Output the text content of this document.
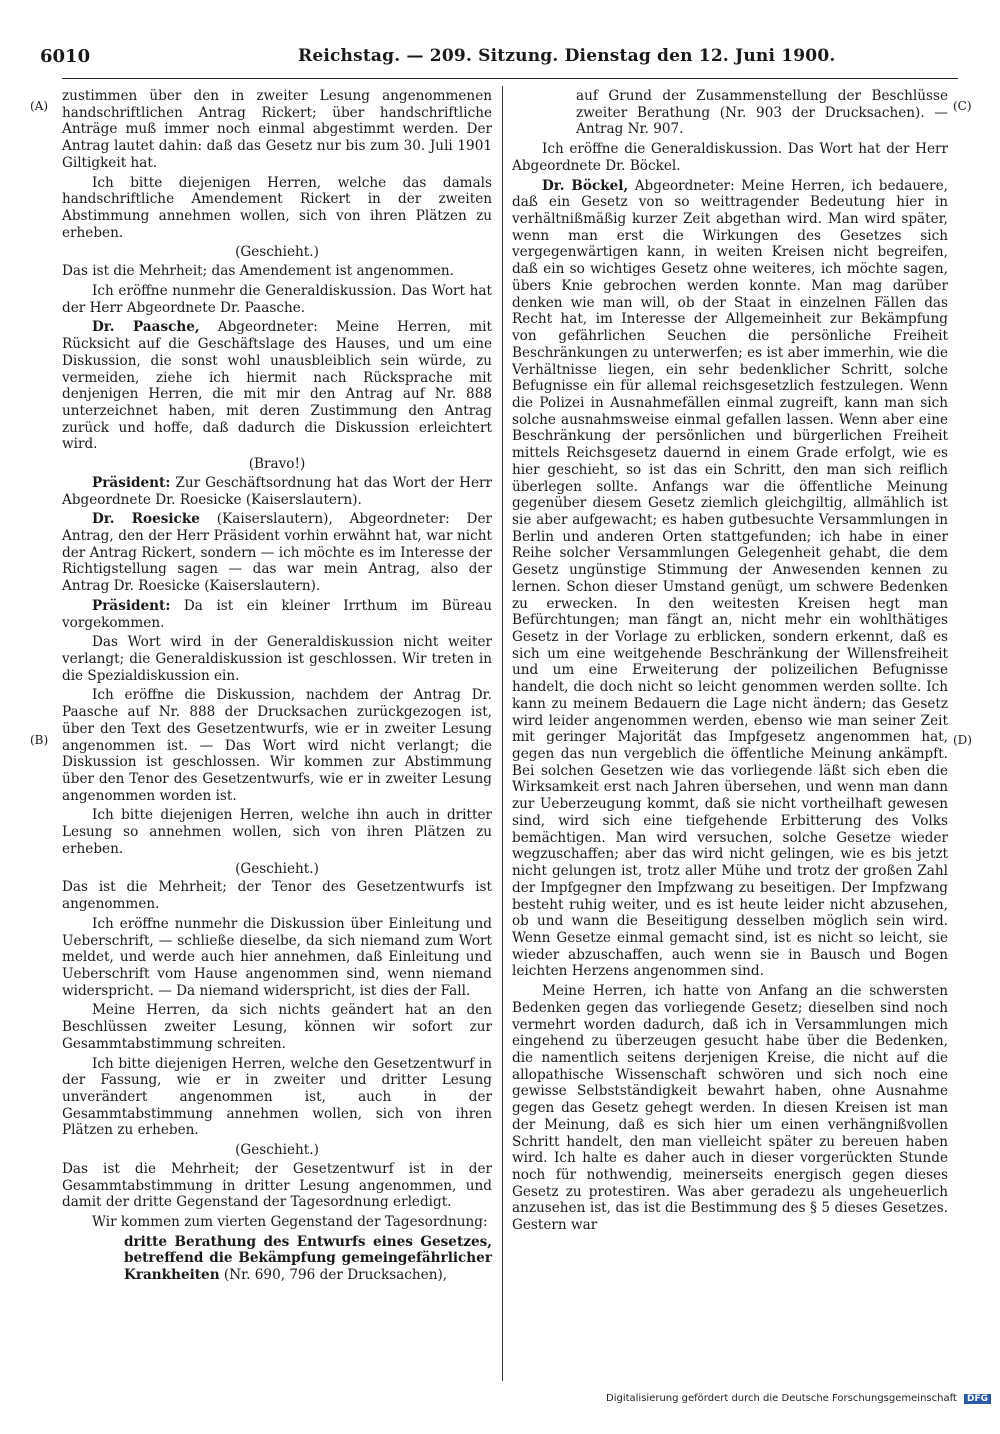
6010	Reichstag. — 209. Sitzung. Dienstag den 12. Juni 1900.
(A)
(B)
(C)
(D)

zustimmen über den in zweiter Lesung angenommenen handschriftlichen Antrag Rickert; über handschriftliche Anträge muß immer noch einmal abgestimmt werden. Der Antrag lautet dahin: daß das Gesetz nur bis zum 30. Juli 1901 Giltigkeit hat.

Ich bitte diejenigen Herren, welche das damals handschriftliche Amendement Rickert in der zweiten Abstimmung annehmen wollen, sich von ihren Plätzen zu erheben.

(Geschieht.)

Das ist die Mehrheit; das Amendement ist angenommen.

Ich eröffne nunmehr die Generaldiskussion. Das Wort hat der Herr Abgeordnete Dr. Paasche.

Dr. Paasche, Abgeordneter: Meine Herren, mit Rücksicht auf die Geschäftslage des Hauses, und um eine Diskussion, die sonst wohl unausbleiblich sein würde, zu vermeiden, ziehe ich hiermit nach Rücksprache mit denjenigen Herren, die mit mir den Antrag auf Nr. 888 unterzeichnet haben, mit deren Zustimmung den Antrag zurück und hoffe, daß dadurch die Diskussion erleichtert wird.

(Bravo!)

Präsident: Zur Geschäftsordnung hat das Wort der Herr Abgeordnete Dr. Roesicke (Kaiserslautern).

Dr. Roesicke (Kaiserslautern), Abgeordneter: Der Antrag, den der Herr Präsident vorhin erwähnt hat, war nicht der Antrag Rickert, sondern — ich möchte es im Interesse der Richtigstellung sagen — das war mein Antrag, also der Antrag Dr. Roesicke (Kaiserslautern).

Präsident: Da ist ein kleiner Irrthum im Büreau vorgekommen.

Das Wort wird in der Generaldiskussion nicht weiter verlangt; die Generaldiskussion ist geschlossen. Wir treten in die Spezialdiskussion ein.

Ich eröffne die Diskussion, nachdem der Antrag Dr. Paasche auf Nr. 888 der Drucksachen zurückgezogen ist, über den Text des Gesetzentwurfs, wie er in zweiter Lesung angenommen ist. — Das Wort wird nicht verlangt; die Diskussion ist geschlossen. Wir kommen zur Abstimmung über den Tenor des Gesetzentwurfs, wie er in zweiter Lesung angenommen worden ist.

Ich bitte diejenigen Herren, welche ihn auch in dritter Lesung so annehmen wollen, sich von ihren Plätzen zu erheben.

(Geschieht.)

Das ist die Mehrheit; der Tenor des Gesetzentwurfs ist angenommen.

Ich eröffne nunmehr die Diskussion über Einleitung und Ueberschrift, — schließe dieselbe, da sich niemand zum Wort meldet, und werde auch hier annehmen, daß Einleitung und Ueberschrift vom Hause angenommen sind, wenn niemand widerspricht. — Da niemand widerspricht, ist dies der Fall.

Meine Herren, da sich nichts geändert hat an den Beschlüssen zweiter Lesung, können wir sofort zur Gesammtabstimmung schreiten.

Ich bitte diejenigen Herren, welche den Gesetzentwurf in der Fassung, wie er in zweiter und dritter Lesung unverändert angenommen ist, auch in der Gesammtabstimmung annehmen wollen, sich von ihren Plätzen zu erheben.

(Geschieht.)

Das ist die Mehrheit; der Gesetzentwurf ist in der Gesammtabstimmung in dritter Lesung angenommen, und damit der dritte Gegenstand der Tagesordnung erledigt.

Wir kommen zum vierten Gegenstand der Tagesordnung:

dritte Berathung des Entwurfs eines Gesetzes, betreffend die Bekämpfung gemeingefährlicher Krankheiten (Nr. 690, 796 der Drucksachen),

auf Grund der Zusammenstellung der Beschlüsse zweiter Berathung (Nr. 903 der Drucksachen). — Antrag Nr. 907.

Ich eröffne die Generaldiskussion. Das Wort hat der Herr Abgeordnete Dr. Böckel.

Dr. Böckel, Abgeordneter: Meine Herren, ich bedauere, daß ein Gesetz von so weittragender Bedeutung hier in verhältnißmäßig kurzer Zeit abgethan wird. Man wird später, wenn man erst die Wirkungen des Gesetzes sich vergegenwärtigen kann, in weiten Kreisen nicht begreifen, daß ein so wichtiges Gesetz ohne weiteres, ich möchte sagen, übers Knie gebrochen werden konnte. Man mag darüber denken wie man will, ob der Staat in einzelnen Fällen das Recht hat, im Interesse der Allgemeinheit zur Bekämpfung von gefährlichen Seuchen die persönliche Freiheit Beschränkungen zu unterwerfen; es ist aber immerhin, wie die Verhältnisse liegen, ein sehr bedenklicher Schritt, solche Befugnisse ein für allemal reichsgesetzlich festzulegen. Wenn die Polizei in Ausnahmefällen einmal zugreift, kann man sich solche ausnahmsweise einmal gefallen lassen. Wenn aber eine Beschränkung der persönlichen und bürgerlichen Freiheit mittels Reichsgesetz dauernd in einem Grade erfolgt, wie es hier geschieht, so ist das ein Schritt, den man sich reiflich überlegen sollte. Anfangs war die öffentliche Meinung gegenüber diesem Gesetz ziemlich gleichgiltig, allmählich ist sie aber aufgewacht; es haben gutbesuchte Versammlungen in Berlin und anderen Orten stattgefunden; ich habe in einer Reihe solcher Versammlungen Gelegenheit gehabt, die dem Gesetz ungünstige Stimmung der Anwesenden kennen zu lernen. Schon dieser Umstand genügt, um schwere Bedenken zu erwecken. In den weitesten Kreisen hegt man Befürchtungen; man fängt an, nicht mehr ein wohlthätiges Gesetz in der Vorlage zu erblicken, sondern erkennt, daß es sich um eine weitgehende Beschränkung der Willensfreiheit und um eine Erweiterung der polizeilichen Befugnisse handelt, die doch nicht so leicht genommen werden sollte. Ich kann zu meinem Bedauern die Lage nicht ändern; das Gesetz wird leider angenommen werden, ebenso wie man seiner Zeit mit geringer Majorität das Impfgesetz angenommen hat, gegen das nun vergeblich die öffentliche Meinung ankämpft. Bei solchen Gesetzen wie das vorliegende läßt sich eben die Wirksamkeit erst nach Jahren übersehen, und wenn man dann zur Ueberzeugung kommt, daß sie nicht vortheilhaft gewesen sind, wird sich eine tiefgehende Erbitterung des Volks bemächtigen. Man wird versuchen, solche Gesetze wieder wegzuschaffen; aber das wird nicht gelingen, wie es bis jetzt nicht gelungen ist, trotz aller Mühe und trotz der großen Zahl der Impfgegner den Impfzwang zu beseitigen. Der Impfzwang besteht ruhig weiter, und es ist heute leider nicht abzusehen, ob und wann die Beseitigung desselben möglich sein wird. Wenn Gesetze einmal gemacht sind, ist es nicht so leicht, sie wieder abzuschaffen, auch wenn sie in Bausch und Bogen leichten Herzens angenommen sind.

Meine Herren, ich hatte von Anfang an die schwersten Bedenken gegen das vorliegende Gesetz; dieselben sind noch vermehrt worden dadurch, daß ich in Versammlungen mich eingehend zu überzeugen gesucht habe über die Bedenken, die namentlich seitens derjenigen Kreise, die nicht auf die allopathische Wissenschaft schwören und sich noch eine gewisse Selbstständigkeit bewahrt haben, ohne Ausnahme gegen das Gesetz gehegt werden. In diesen Kreisen ist man der Meinung, daß es sich hier um einen verhängnißvollen Schritt handelt, den man vielleicht später zu bereuen haben wird. Ich halte es daher auch in dieser vorgerückten Stunde noch für nothwendig, meinerseits energisch gegen dieses Gesetz zu protestiren. Was aber geradezu als ungeheuerlich anzusehen ist, das ist die Bestimmung des § 5 dieses Gesetzes. Gestern war

Digitalisierung gefördert durch die Deutsche Forschungsgemeinschaft DFG
